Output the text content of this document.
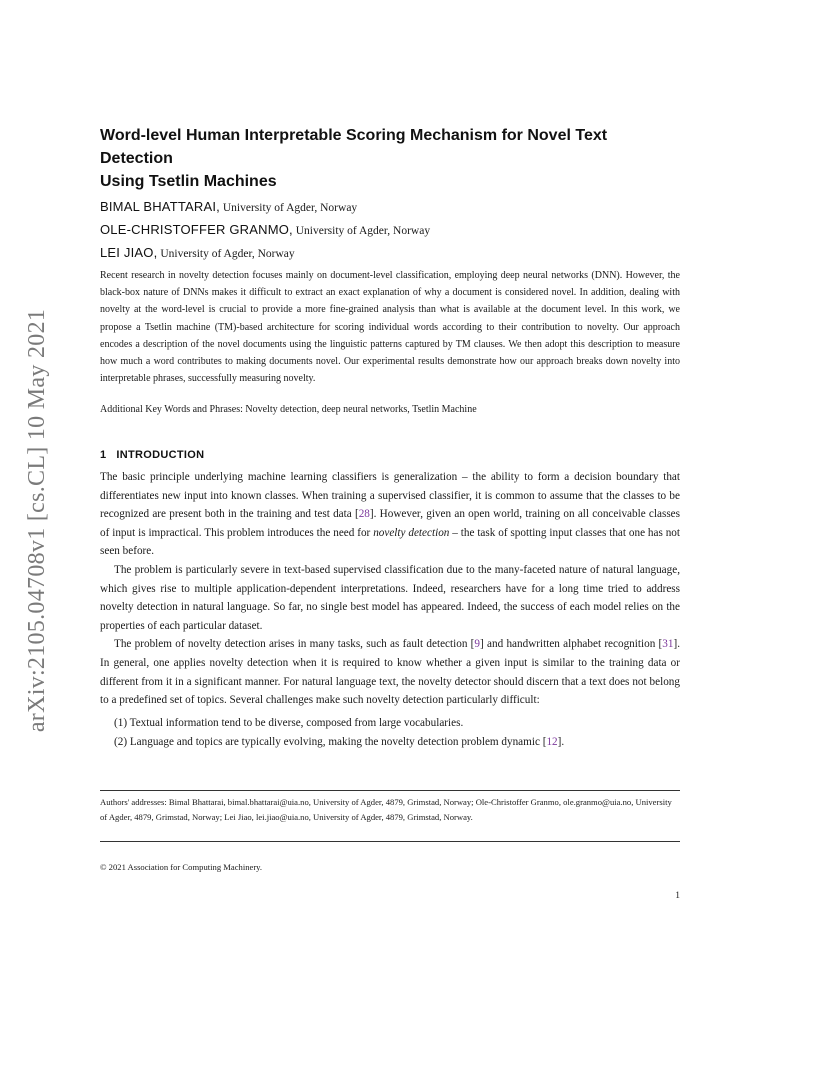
arXiv:2105.04708v1 [cs.CL] 10 May 2021
Word-level Human Interpretable Scoring Mechanism for Novel Text Detection
Using Tsetlin Machines
BIMAL BHATTARAI, University of Agder, Norway
OLE-CHRISTOFFER GRANMO, University of Agder, Norway
LEI JIAO, University of Agder, Norway

Recent research in novelty detection focuses mainly on document-level classification, employing deep neural networks (DNN). However, the black-box nature of DNNs makes it difficult to extract an exact explanation of why a document is considered novel. In addition, dealing with novelty at the word-level is crucial to provide a more fine-grained analysis than what is available at the document level. In this work, we propose a Tsetlin machine (TM)-based architecture for scoring individual words according to their contribution to novelty. Our approach encodes a description of the novel documents using the linguistic patterns captured by TM clauses. We then adopt this description to measure how much a word contributes to making documents novel. Our experimental results demonstrate how our approach breaks down novelty into interpretable phrases, successfully measuring novelty.

Additional Key Words and Phrases: Novelty detection, deep neural networks, Tsetlin Machine

1 INTRODUCTION

The basic principle underlying machine learning classifiers is generalization – the ability to form a decision boundary that differentiates new input into known classes. When training a supervised classifier, it is common to assume that the classes to be recognized are present both in the training and test data [28]. However, given an open world, training on all conceivable classes of input is impractical. This problem introduces the need for novelty detection – the task of spotting input classes that one has not seen before.

The problem is particularly severe in text-based supervised classification due to the many-faceted nature of natural language, which gives rise to multiple application-dependent interpretations. Indeed, researchers have for a long time tried to address novelty detection in natural language. So far, no single best model has appeared. Indeed, the success of each model relies on the properties of each particular dataset.

The problem of novelty detection arises in many tasks, such as fault detection [9] and handwritten alphabet recognition [31]. In general, one applies novelty detection when it is required to know whether a given input is similar to the training data or different from it in a significant manner. For natural language text, the novelty detector should discern that a text does not belong to a predefined set of topics. Several challenges make such novelty detection particularly difficult:

(1) Textual information tend to be diverse, composed from large vocabularies.
(2) Language and topics are typically evolving, making the novelty detection problem dynamic [12].

Authors' addresses: Bimal Bhattarai, bimal.bhattarai@uia.no, University of Agder, 4879, Grimstad, Norway; Ole-Christoffer Granmo, ole.granmo@uia.no, University of Agder, 4879, Grimstad, Norway; Lei Jiao, lei.jiao@uia.no, University of Agder, 4879, Grimstad, Norway.

© 2021 Association for Computing Machinery.

1
